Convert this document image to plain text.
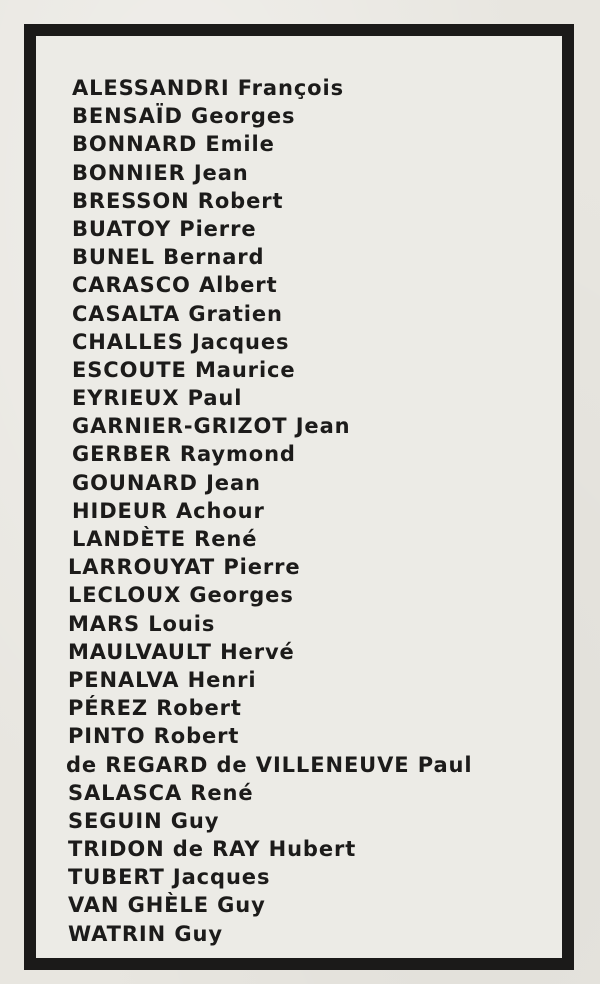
ALESSANDRI François
BENSAÏD Georges
BONNARD Emile
BONNIER Jean
BRESSON Robert
BUATOY Pierre
BUNEL Bernard
CARASCO Albert
CASALTA Gratien
CHALLES Jacques
ESCOUTE Maurice
EYRIEUX Paul
GARNIER-GRIZOT Jean
GERBER Raymond
GOUNARD Jean
HIDEUR Achour
LANDÈTE René
LARROUYAT Pierre
LECLOUX Georges
MARS Louis
MAULVAULT Hervé
PENALVA Henri
PÉREZ Robert
PINTO Robert
de REGARD de VILLENEUVE Paul
SALASCA René
SEGUIN Guy
TRIDON de RAY Hubert
TUBERT Jacques
VAN GHÈLE Guy
WATRIN Guy
